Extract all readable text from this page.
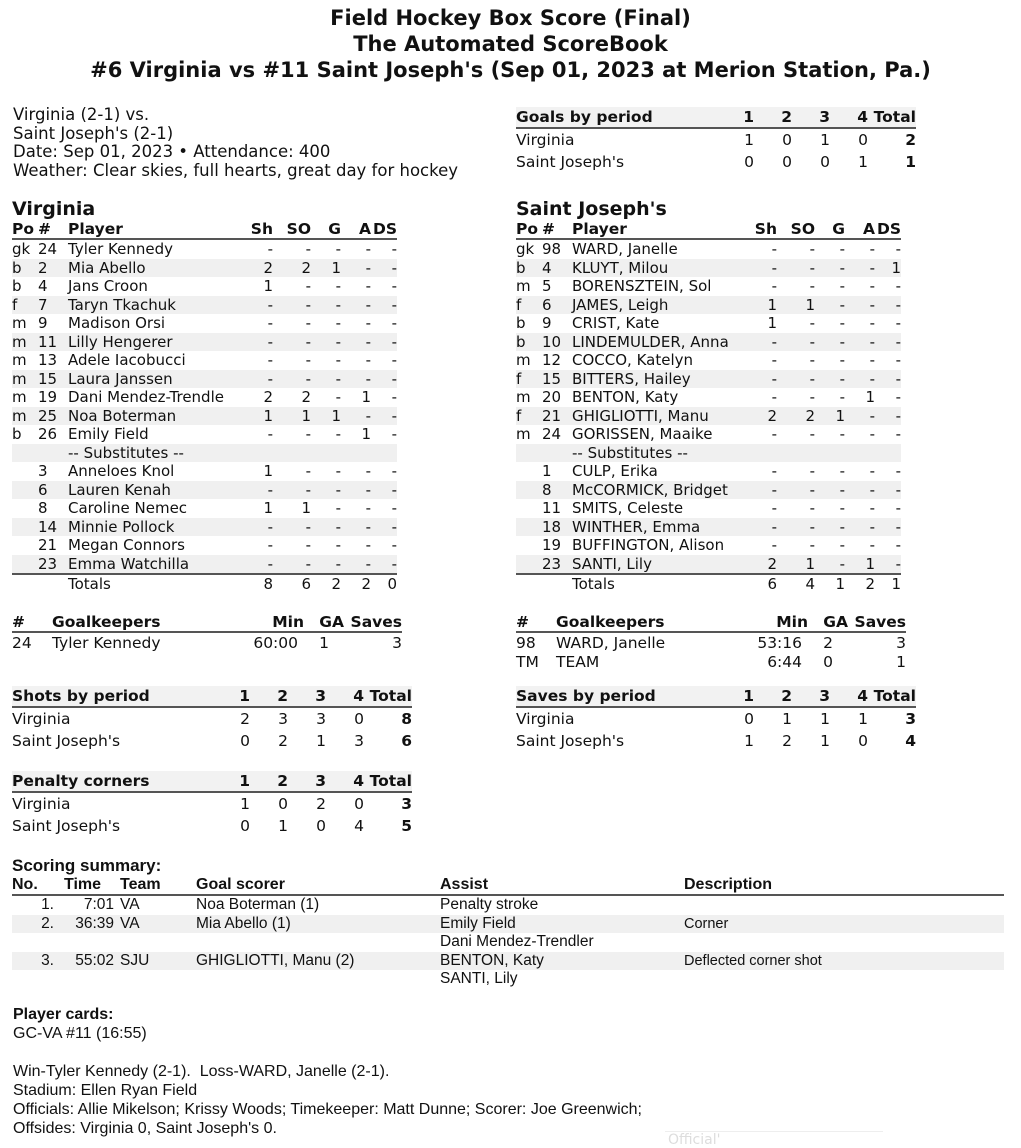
Field Hockey Box Score (Final)
The Automated ScoreBook
#6 Virginia vs #11 Saint Joseph's (Sep 01, 2023 at Merion Station, Pa.)
Virginia (2-1) vs.
Saint Joseph's (2-1)
Date: Sep 01, 2023 • Attendance: 400
Weather: Clear skies, full hearts, great day for hockey
Goals by period	1	2	3	4	Total
Virginia	1	0	1	0	2
Saint Joseph's	0	0	0	1	1
Shots by period	1	2	3	4	Total
Virginia	2	3	3	0	8
Saint Joseph's	0	2	1	3	6
Saves by period	1	2	3	4	Total
Virginia	0	1	1	1	3
Saint Joseph's	1	2	1	0	4
Penalty corners	1	2	3	4	Total
Virginia	1	0	2	0	3
Saint Joseph's	0	1	0	4	5
Virginia
Po	#	Player	Sh	SO	G	A	DS
gk	24	Tyler Kennedy	-	-	-	-	-
b	2	Mia Abello	2	2	1	-	-
b	4	Jans Croon	1	-	-	-	-
f	7	Taryn Tkachuk	-	-	-	-	-
m	9	Madison Orsi	-	-	-	-	-
m	11	Lilly Hengerer	-	-	-	-	-
m	13	Adele Iacobucci	-	-	-	-	-
m	15	Laura Janssen	-	-	-	-	-
m	19	Dani Mendez-Trendle	2	2	-	1	-
m	25	Noa Boterman	1	1	1	-	-
b	26	Emily Field	-	-	-	1	-
		-- Substitutes --					
	3	Anneloes Knol	1	-	-	-	-
	6	Lauren Kenah	-	-	-	-	-
	8	Caroline Nemec	1	1	-	-	-
	14	Minnie Pollock	-	-	-	-	-
	21	Megan Connors	-	-	-	-	-
	23	Emma Watchilla	-	-	-	-	-
		Totals	8	6	2	2	0
Saint Joseph's
Po	#	Player	Sh	SO	G	A	DS
gk	98	WARD, Janelle	-	-	-	-	-
b	4	KLUYT, Milou	-	-	-	-	1
m	5	BORENSZTEIN, Sol	-	-	-	-	-
f	6	JAMES, Leigh	1	1	-	-	-
b	9	CRIST, Kate	1	-	-	-	-
b	10	LINDEMULDER, Anna	-	-	-	-	-
m	12	COCCO, Katelyn	-	-	-	-	-
f	15	BITTERS, Hailey	-	-	-	-	-
m	20	BENTON, Katy	-	-	-	1	-
f	21	GHIGLIOTTI, Manu	2	2	1	-	-
m	24	GORISSEN, Maaike	-	-	-	-	-
		-- Substitutes --					
	1	CULP, Erika	-	-	-	-	-
	8	McCORMICK, Bridget	-	-	-	-	-
	11	SMITS, Celeste	-	-	-	-	-
	18	WINTHER, Emma	-	-	-	-	-
	19	BUFFINGTON, Alison	-	-	-	-	-
	23	SANTI, Lily	2	1	-	1	-
		Totals	6	4	1	2	1
#	Goalkeepers	Min	GA	Saves
24	Tyler Kennedy	60:00	1	3
#	Goalkeepers	Min	GA	Saves
98	WARD, Janelle	53:16	2	3
TM	TEAM	6:44	0	1
Scoring summary:
No.	Time	Team	Goal scorer	Assist	Description
1.	7:01	VA	Noa Boterman (1)	Penalty stroke	
2.	36:39	VA	Mia Abello (1)	Emily Field	Corner
				Dani Mendez-Trendler	
3.	55:02	SJU	GHIGLIOTTI, Manu (2)	BENTON, Katy	Deflected corner shot
				SANTI, Lily	
Player cards:
GC-VA #11 (16:55)
Win-Tyler Kennedy (2-1).  Loss-WARD, Janelle (2-1).
Stadium: Ellen Ryan Field
Officials: Allie Mikelson; Krissy Woods; Timekeeper: Matt Dunne; Scorer: Joe Greenwich;
Offsides: Virginia 0, Saint Joseph's 0.
Official'
